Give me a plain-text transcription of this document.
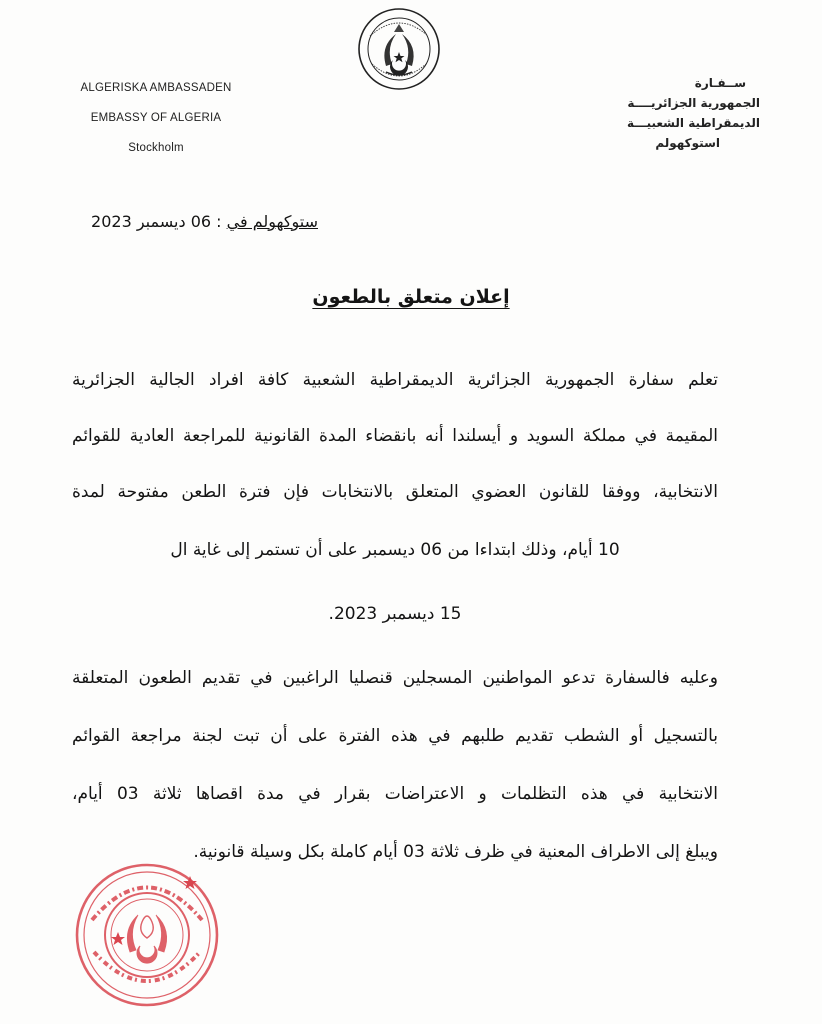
ALGERISKA AMBASSADEN
EMBASSY OF ALGERIA
Stockholm
ســفـارة
الجمهورية الجزائريــــة
الديمقراطية الشعبيـــة
استوكهولم
ستوكهولم في : 06 ديسمبر 2023
إعلان متعلق بالطعون
تعلم سفارة الجمهورية الجزائرية الديمقراطية الشعبية كافة افراد الجالية الجزائرية
المقيمة في مملكة السويد و أيسلندا أنه بانقضاء المدة القانونية للمراجعة العادية للقوائم
الانتخابية، ووفقا للقانون العضوي المتعلق بالانتخابات فإن فترة الطعن مفتوحة لمدة
10 أيام، وذلك ابتداءا من 06 ديسمبر على أن تستمر إلى غاية ال
15 ديسمبر 2023.
وعليه فالسفارة تدعو المواطنين المسجلين قنصليا الراغبين في تقديم الطعون المتعلقة
بالتسجيل أو الشطب تقديم طلبهم في هذه الفترة على أن تبت لجنة مراجعة القوائم
الانتخابية في هذه التظلمات و الاعتراضات بقرار في مدة اقصاها ثلاثة 03 أيام،
ويبلغ إلى الاطراف المعنية في ظرف ثلاثة 03 أيام كاملة بكل وسيلة قانونية.
